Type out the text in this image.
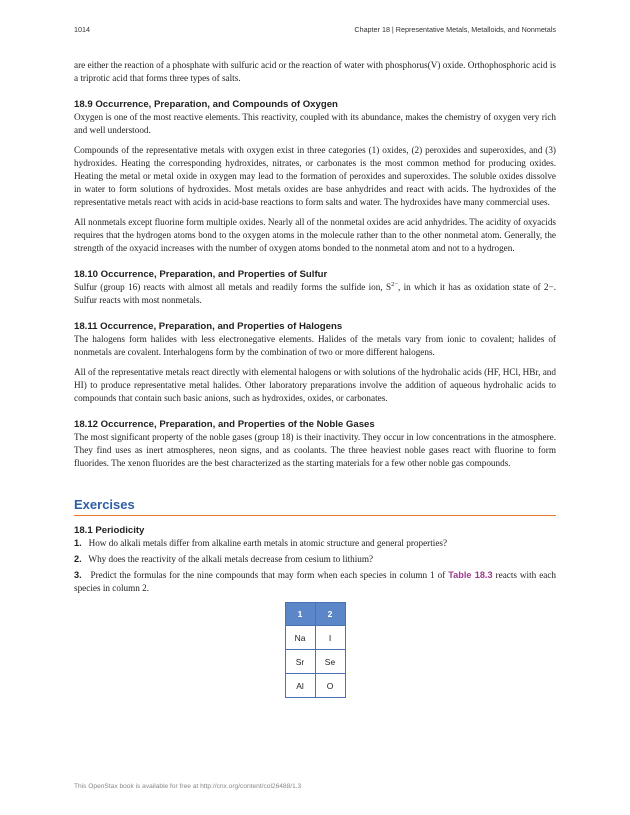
1014	Chapter 18 | Representative Metals, Metalloids, and Nonmetals

are either the reaction of a phosphate with sulfuric acid or the reaction of water with phosphorus(V) oxide. Orthophosphoric acid is a triprotic acid that forms three types of salts.

18.9 Occurrence, Preparation, and Compounds of Oxygen

Oxygen is one of the most reactive elements. This reactivity, coupled with its abundance, makes the chemistry of oxygen very rich and well understood.

Compounds of the representative metals with oxygen exist in three categories (1) oxides, (2) peroxides and superoxides, and (3) hydroxides. Heating the corresponding hydroxides, nitrates, or carbonates is the most common method for producing oxides. Heating the metal or metal oxide in oxygen may lead to the formation of peroxides and superoxides. The soluble oxides dissolve in water to form solutions of hydroxides. Most metals oxides are base anhydrides and react with acids. The hydroxides of the representative metals react with acids in acid-base reactions to form salts and water. The hydroxides have many commercial uses.

All nonmetals except fluorine form multiple oxides. Nearly all of the nonmetal oxides are acid anhydrides. The acidity of oxyacids requires that the hydrogen atoms bond to the oxygen atoms in the molecule rather than to the other nonmetal atom. Generally, the strength of the oxyacid increases with the number of oxygen atoms bonded to the nonmetal atom and not to a hydrogen.

18.10 Occurrence, Preparation, and Properties of Sulfur

Sulfur (group 16) reacts with almost all metals and readily forms the sulfide ion, $S^{2-}$, in which it has as oxidation state of 2−. Sulfur reacts with most nonmetals.

18.11 Occurrence, Preparation, and Properties of Halogens

The halogens form halides with less electronegative elements. Halides of the metals vary from ionic to covalent; halides of nonmetals are covalent. Interhalogens form by the combination of two or more different halogens.

All of the representative metals react directly with elemental halogens or with solutions of the hydrohalic acids (HF, HCl, HBr, and HI) to produce representative metal halides. Other laboratory preparations involve the addition of aqueous hydrohalic acids to compounds that contain such basic anions, such as hydroxides, oxides, or carbonates.

18.12 Occurrence, Preparation, and Properties of the Noble Gases

The most significant property of the noble gases (group 18) is their inactivity. They occur in low concentrations in the atmosphere. They find uses as inert atmospheres, neon signs, and as coolants. The three heaviest noble gases react with fluorine to form fluorides. The xenon fluorides are the best characterized as the starting materials for a few other noble gas compounds.

Exercises
18.1 Periodicity
1. How do alkali metals differ from alkaline earth metals in atomic structure and general properties?
2. Why does the reactivity of the alkali metals decrease from cesium to lithium?
3. Predict the formulas for the nine compounds that may form when each species in column 1 of Table 18.3 reacts with each species in column 2.
1	2
Na	I
Sr	Se
Al	O
This OpenStax book is available for free at http://cnx.org/content/col26488/1.3
